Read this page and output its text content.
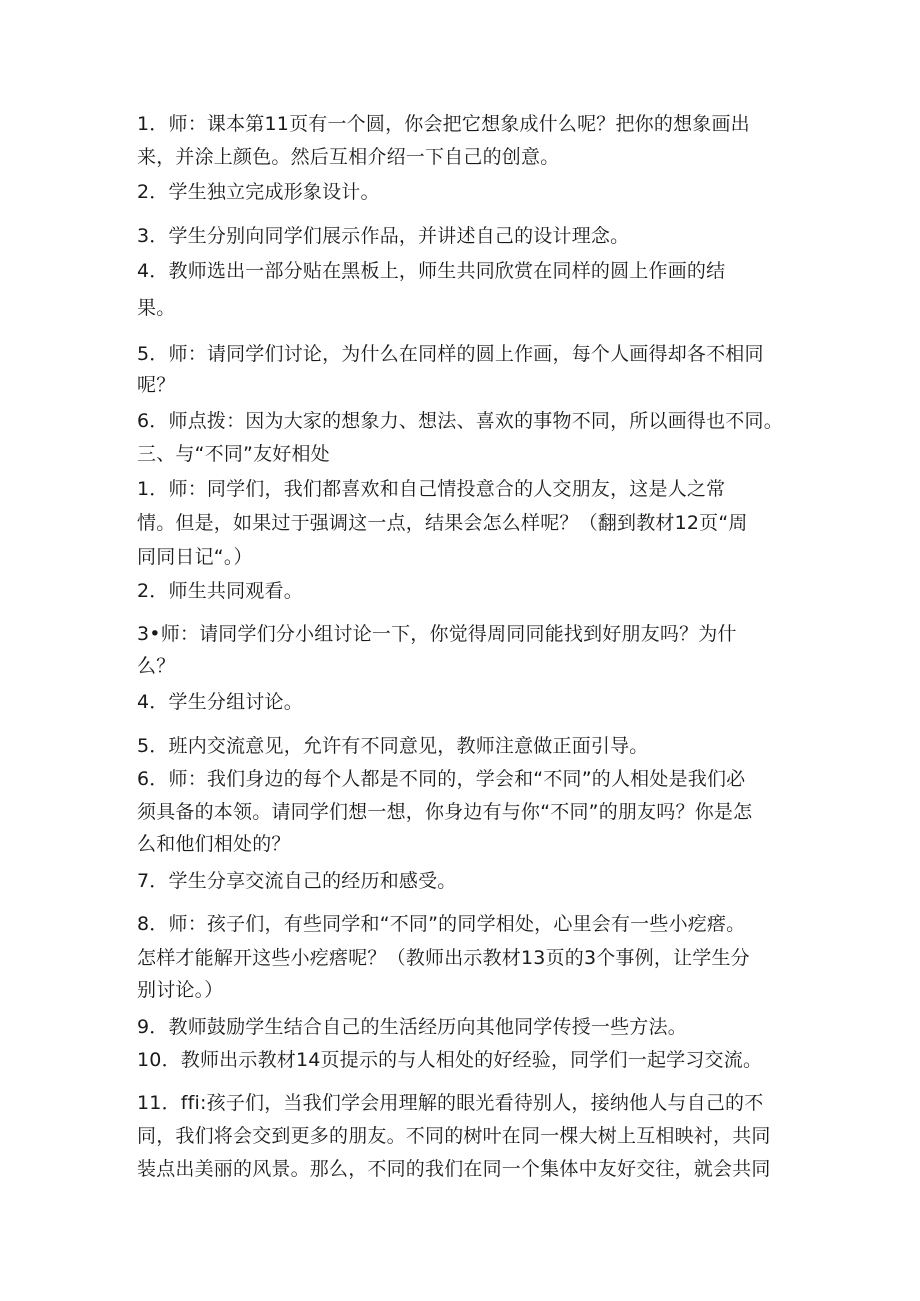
1．师：课本第11页有一个圆，你会把它想象成什么呢？把你的想象画出
来，并涂上颜色。然后互相介绍一下自己的创意。
2．学生独立完成形象设计。
3．学生分别向同学们展示作品，并讲述自己的设计理念。
4．教师选出一部分贴在黑板上，师生共同欣赏在同样的圆上作画的结
果。
5．师：请同学们讨论，为什么在同样的圆上作画，每个人画得却各不相同
呢？
6．师点拨：因为大家的想象力、想法、喜欢的事物不同，所以画得也不同。
三、与“不同”友好相处
1．师：同学们，我们都喜欢和自己情投意合的人交朋友，这是人之常
情。但是，如果过于强调这一点，结果会怎么样呢？（翻到教材12页“周
同同日记“。）
2．师生共同观看。
3•师：请同学们分小组讨论一下，你觉得周同同能找到好朋友吗？为什
么？
4．学生分组讨论。
5．班内交流意见，允许有不同意见，教师注意做正面引导。
6．师：我们身边的每个人都是不同的，学会和“不同”的人相处是我们必
须具备的本领。请同学们想一想，你身边有与你“不同”的朋友吗？你是怎
么和他们相处的？
7．学生分享交流自己的经历和感受。
8．师：孩子们，有些同学和“不同”的同学相处，心里会有一些小疙瘩。
怎样才能解开这些小疙瘩呢？（教师出示教材13页的3个事例，让学生分
别讨论。）
9．教师鼓励学生结合自己的生活经历向其他同学传授一些方法。
10．教师出示教材14页提示的与人相处的好经验，同学们一起学习交流。
11．ffi:孩子们，当我们学会用理解的眼光看待别人，接纳他人与自己的不
同，我们将会交到更多的朋友。不同的树叶在同一棵大树上互相映衬，共同
装点出美丽的风景。那么，不同的我们在同一个集体中友好交往，就会共同
